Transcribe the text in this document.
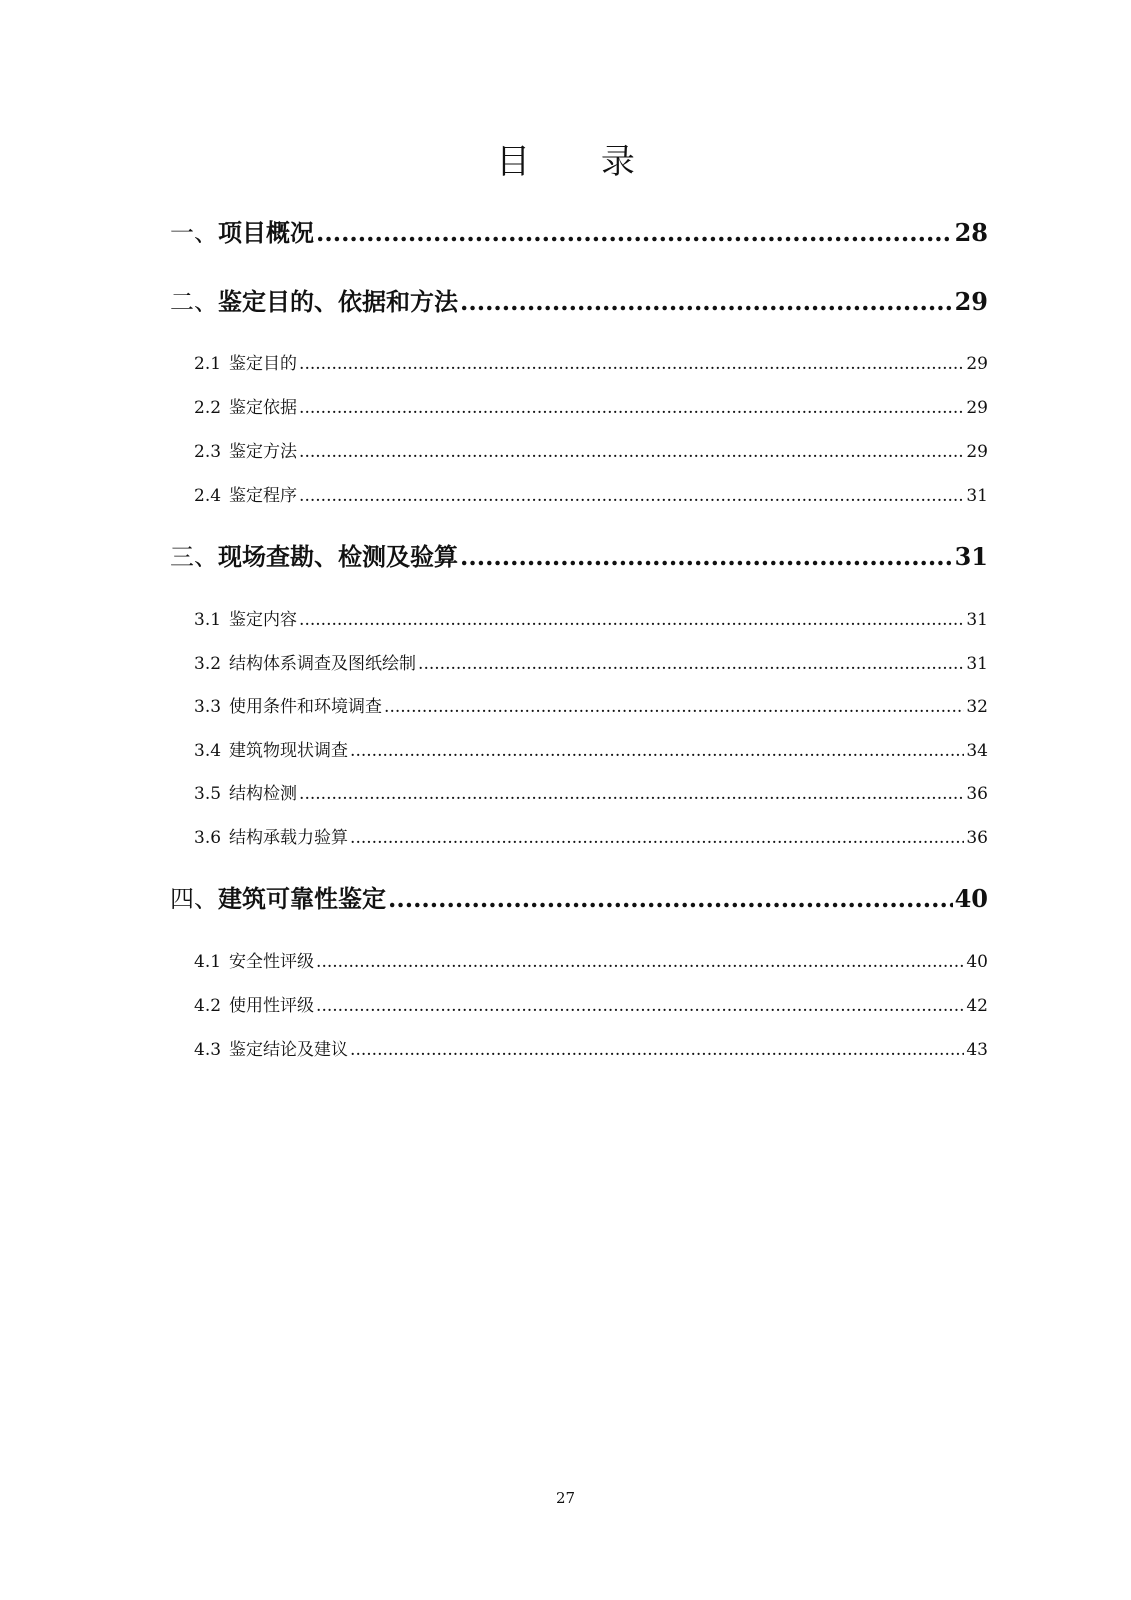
目 录
一、 项目概况 .....	28
二、 鉴定目的、依据和方法 .....	29
2.1 鉴定目的 .....	29
2.2 鉴定依据 .....	29
2.3 鉴定方法 .....	29
2.4 鉴定程序 .....	31
三、 现场查勘、检测及验算 .....	31
3.1 鉴定内容 .....	31
3.2 结构体系调查及图纸绘制 .....	31
3.3 使用条件和环境调查 .....	32
3.4 建筑物现状调查 .....	34
3.5 结构检测 .....	36
3.6 结构承载力验算 .....	36
四、 建筑可靠性鉴定 .....	40
4.1 安全性评级 .....	40
4.2 使用性评级 .....	42
4.3 鉴定结论及建议 .....	43
27
